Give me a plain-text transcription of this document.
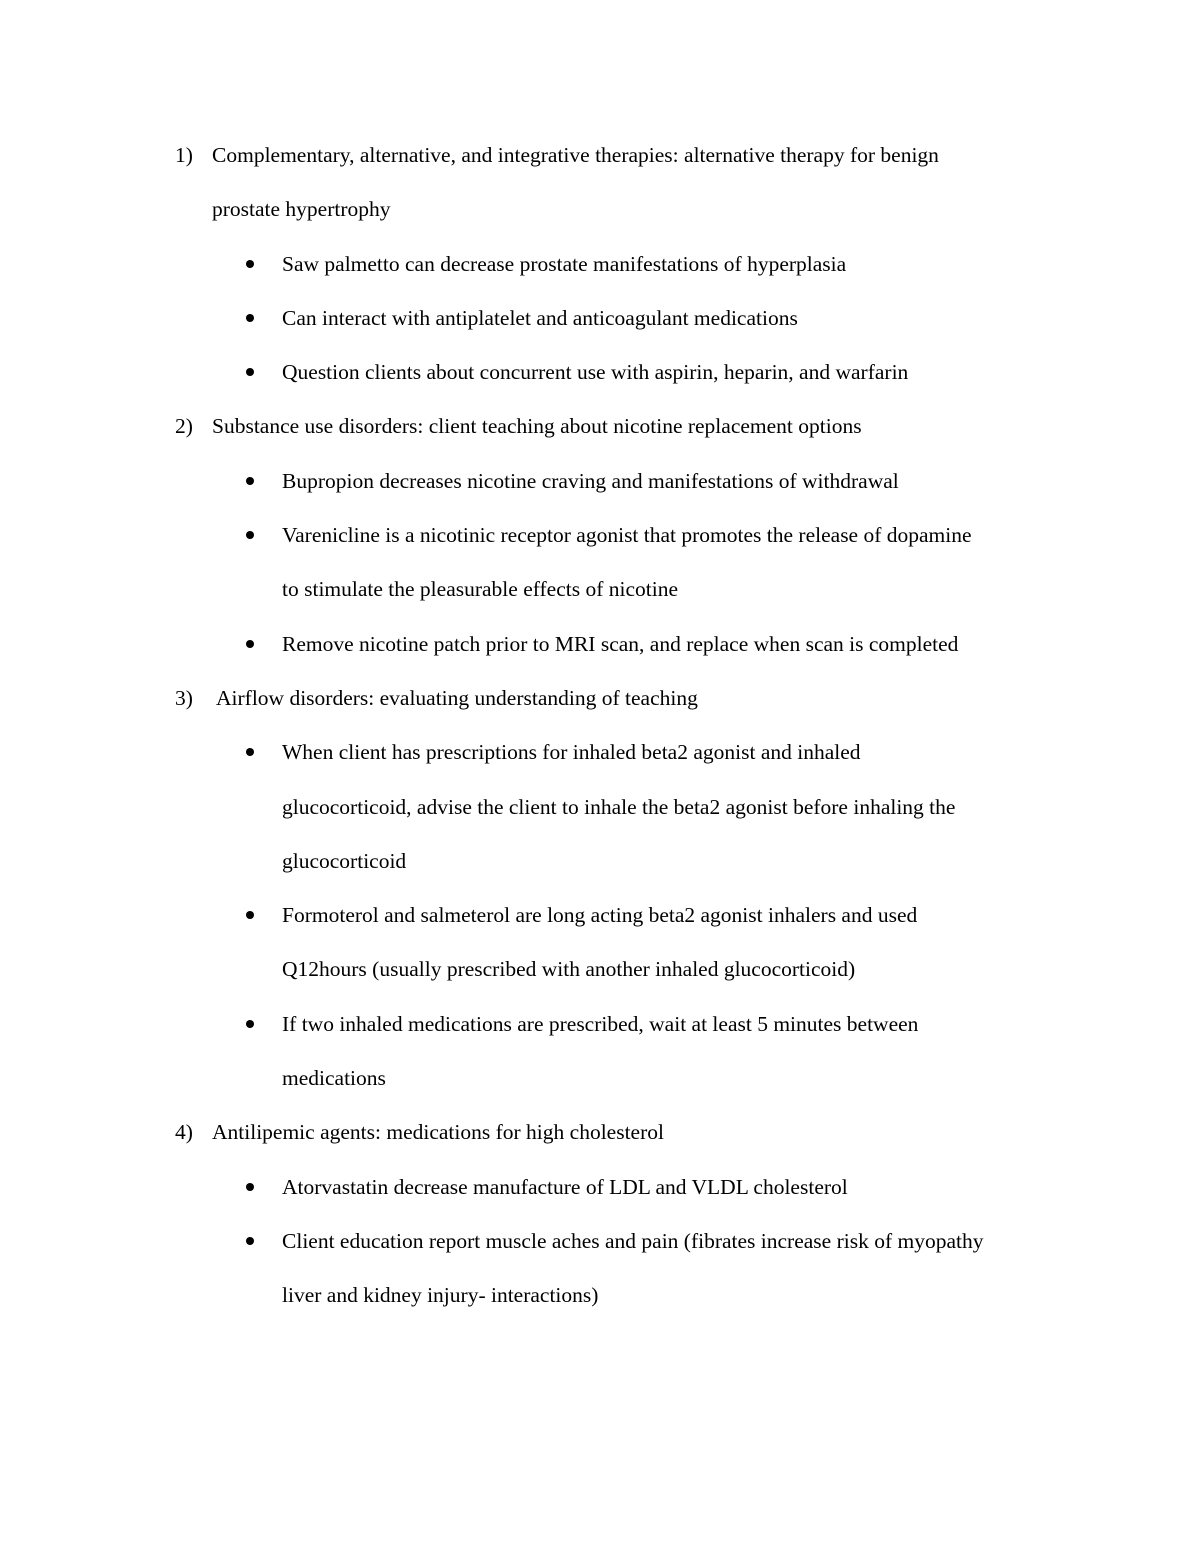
1) Complementary, alternative, and integrative therapies: alternative therapy for benign
prostate hypertrophy
Saw palmetto can decrease prostate manifestations of hyperplasia
Can interact with antiplatelet and anticoagulant medications
Question clients about concurrent use with aspirin, heparin, and warfarin
2) Substance use disorders: client teaching about nicotine replacement options
Bupropion decreases nicotine craving and manifestations of withdrawal
Varenicline is a nicotinic receptor agonist that promotes the release of dopamine
to stimulate the pleasurable effects of nicotine
Remove nicotine patch prior to MRI scan, and replace when scan is completed
3) Airflow disorders: evaluating understanding of teaching
When client has prescriptions for inhaled beta2 agonist and inhaled
glucocorticoid, advise the client to inhale the beta2 agonist before inhaling the
glucocorticoid
Formoterol and salmeterol are long acting beta2 agonist inhalers and used
Q12hours (usually prescribed with another inhaled glucocorticoid)
If two inhaled medications are prescribed, wait at least 5 minutes between
medications
4) Antilipemic agents: medications for high cholesterol
Atorvastatin decrease manufacture of LDL and VLDL cholesterol
Client education report muscle aches and pain (fibrates increase risk of myopathy
liver and kidney injury- interactions)
